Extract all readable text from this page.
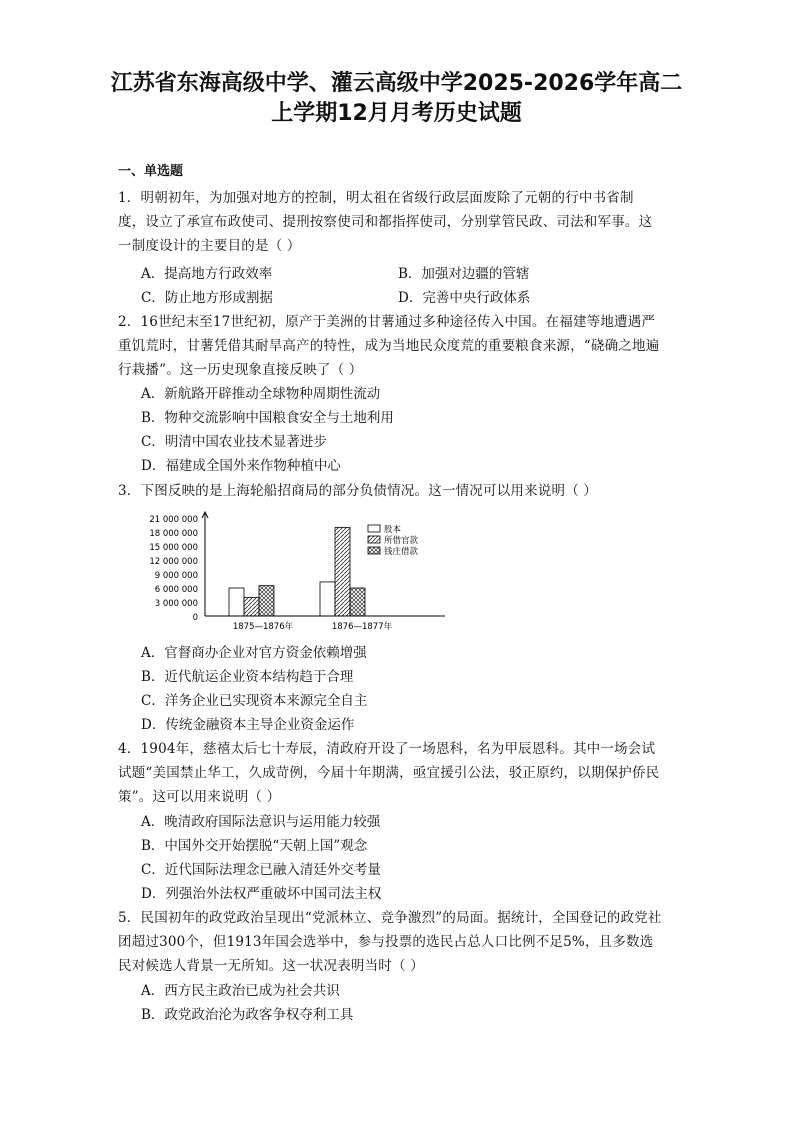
江苏省东海高级中学、灌云高级中学2025-2026学年高二
上学期12月月考历史试题
一、单选题
1．明朝初年，为加强对地方的控制，明太祖在省级行政层面废除了元朝的行中书省制
度，设立了承宣布政使司、提刑按察使司和都指挥使司，分别掌管民政、司法和军事。这
一制度设计的主要目的是（ ）
A．提高地方行政效率	B．加强对边疆的管辖
C．防止地方形成割据	D．完善中央行政体系
2．16世纪末至17世纪初，原产于美洲的甘薯通过多种途径传入中国。在福建等地遭遇严
重饥荒时，甘薯凭借其耐旱高产的特性，成为当地民众度荒的重要粮食来源，“硗确之地遍
行栽播”。这一历史现象直接反映了（ ）
A．新航路开辟推动全球物种周期性流动
B．物种交流影响中国粮食安全与土地利用
C．明清中国农业技术显著进步
D．福建成全国外来作物种植中心
3．下图反映的是上海轮船招商局的部分负债情况。这一情况可以用来说明（ ）
21 000 000
18 000 000
15 000 000
12 000 000
9 000 000
6 000 000
3 000 000
0
1875—1876年	1876—1877年
股本
所借官款
钱庄借款
A．官督商办企业对官方资金依赖增强
B．近代航运企业资本结构趋于合理
C．洋务企业已实现资本来源完全自主
D．传统金融资本主导企业资金运作
4．1904年，慈禧太后七十寿辰，清政府开设了一场恩科，名为甲辰恩科。其中一场会试
试题“美国禁止华工，久成苛例，今届十年期满，亟宜援引公法，驳正原约，以期保护侨民
策”。这可以用来说明（ ）
A．晚清政府国际法意识与运用能力较强
B．中国外交开始摆脱“天朝上国”观念
C．近代国际法理念已融入清廷外交考量
D．列强治外法权严重破坏中国司法主权
5．民国初年的政党政治呈现出“党派林立、竞争激烈”的局面。据统计，全国登记的政党社
团超过300个，但1913年国会选举中，参与投票的选民占总人口比例不足5%，且多数选
民对候选人背景一无所知。这一状况表明当时（ ）
A．西方民主政治已成为社会共识
B．政党政治沦为政客争权夺利工具
